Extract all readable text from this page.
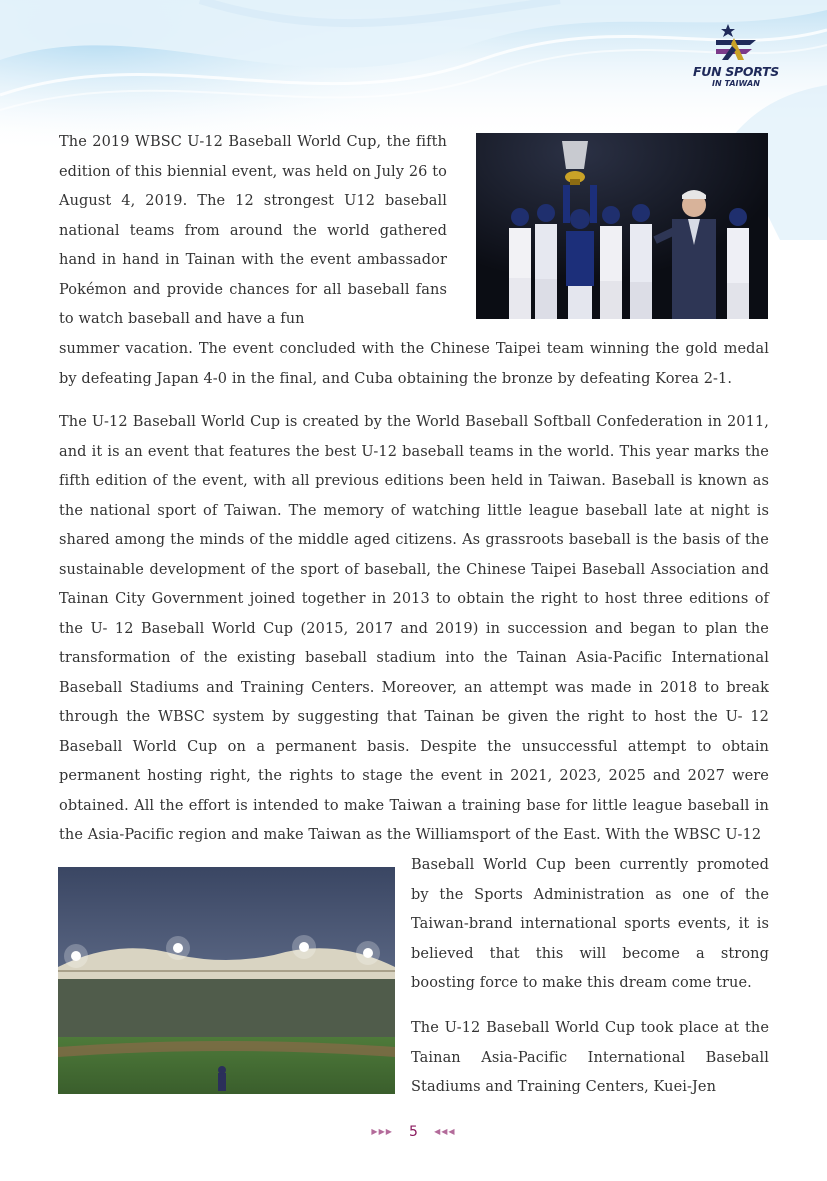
FUN SPORTS
IN TAIWAN

The 2019 WBSC U-12 Baseball World Cup, the fifth edition of this biennial event, was held on July 26 to August 4, 2019. The 12 strongest U12 baseball national teams from around the world gathered hand in hand in Tainan with the event ambassador Pokémon and provide chances for all baseball fans to watch baseball and have a fun

summer vacation. The event concluded with the Chinese Taipei team winning the gold medal by defeating Japan 4-0 in the final, and Cuba obtaining the bronze by defeating Korea 2-1.

The U-12 Baseball World Cup is created by the World Baseball Softball Confederation in 2011, and it is an event that features the best U-12 baseball teams in the world. This year marks the fifth edition of the event, with all previous editions been held in Taiwan. Baseball is known as the national sport of Taiwan. The memory of watching little league baseball late at night is shared among the minds of the middle aged citizens. As grassroots baseball is the basis of the sustainable development of the sport of baseball, the Chinese Taipei Baseball Association and Tainan City Government joined together in 2013 to obtain the right to host three editions of the U- 12 Baseball World Cup (2015, 2017 and 2019) in succession and began to plan the transformation of the existing baseball stadium into the Tainan Asia-Pacific International Baseball Stadiums and Training Centers. Moreover, an attempt was made in 2018 to break through the WBSC system by suggesting that Tainan be given the right to host the U- 12 Baseball World Cup on a permanent basis. Despite the unsuccessful attempt to obtain permanent hosting right, the rights to stage the event in 2021, 2023, 2025 and 2027 were obtained. All the effort is intended to make Taiwan a training base for little league baseball in the Asia-Pacific region and make Taiwan as the Williamsport of the East. With the WBSC U-12

Baseball World Cup been currently promoted by the Sports Administration as one of the Taiwan-brand international sports events, it is believed that this will become a strong boosting force to make this dream come true.

The U-12 Baseball World Cup took place at the Tainan Asia-Pacific International Baseball Stadiums and Training Centers, Kuei-Jen

▶▶▶ 5 ◀◀◀
